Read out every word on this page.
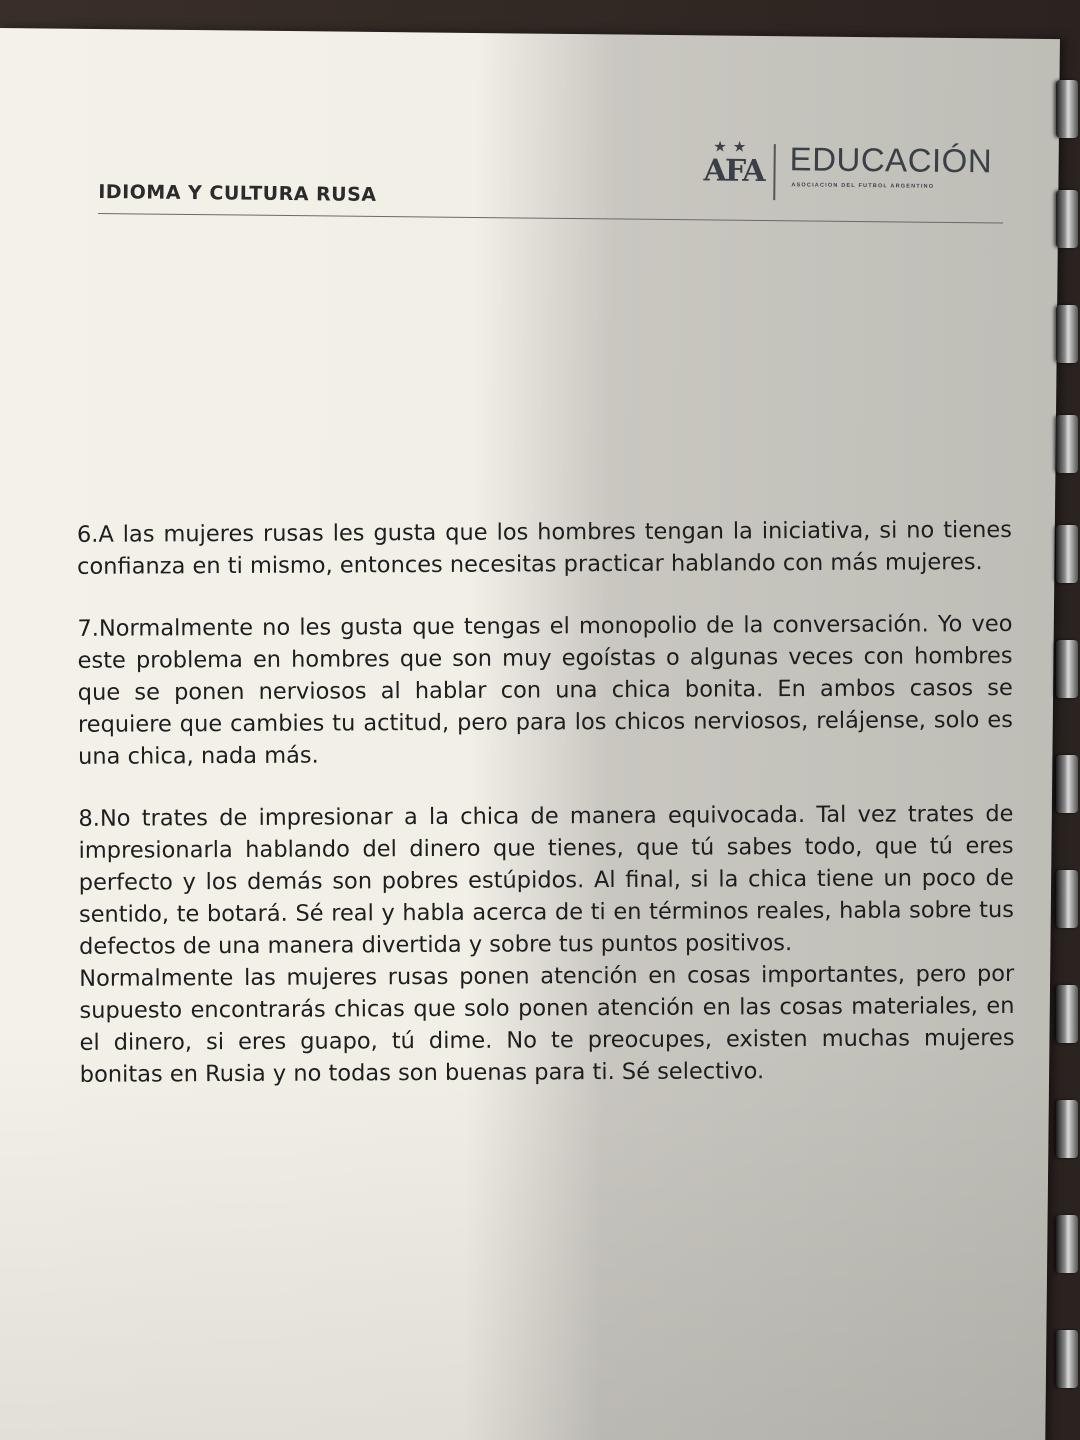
IDIOMA Y CULTURA RUSA
★★
AFA EDUCACIÓN
ASOCIACION DEL FUTBOL ARGENTINO

6.A las mujeres rusas les gusta que los hombres tengan la iniciativa, si no tienes confianza en ti mismo, entonces necesitas practicar hablando con más mujeres.

7.Normalmente no les gusta que tengas el monopolio de la conversación. Yo veo este problema en hombres que son muy egoístas o algunas veces con hombres que se ponen nerviosos al hablar con una chica bonita. En ambos casos se requiere que cambies tu actitud, pero para los chicos nerviosos, relájense, solo es una chica, nada más.

8.No trates de impresionar a la chica de manera equivocada. Tal vez trates de impresionarla hablando del dinero que tienes, que tú sabes todo, que tú eres perfecto y los demás son pobres estúpidos. Al final, si la chica tiene un poco de sentido, te botará. Sé real y habla acerca de ti en términos reales, habla sobre tus defectos de una manera divertida y sobre tus puntos positivos.

Normalmente las mujeres rusas ponen atención en cosas importantes, pero por supuesto encontrarás chicas que solo ponen atención en las cosas materiales, en el dinero, si eres guapo, tú dime. No te preocupes, existen muchas mujeres bonitas en Rusia y no todas son buenas para ti. Sé selectivo.
